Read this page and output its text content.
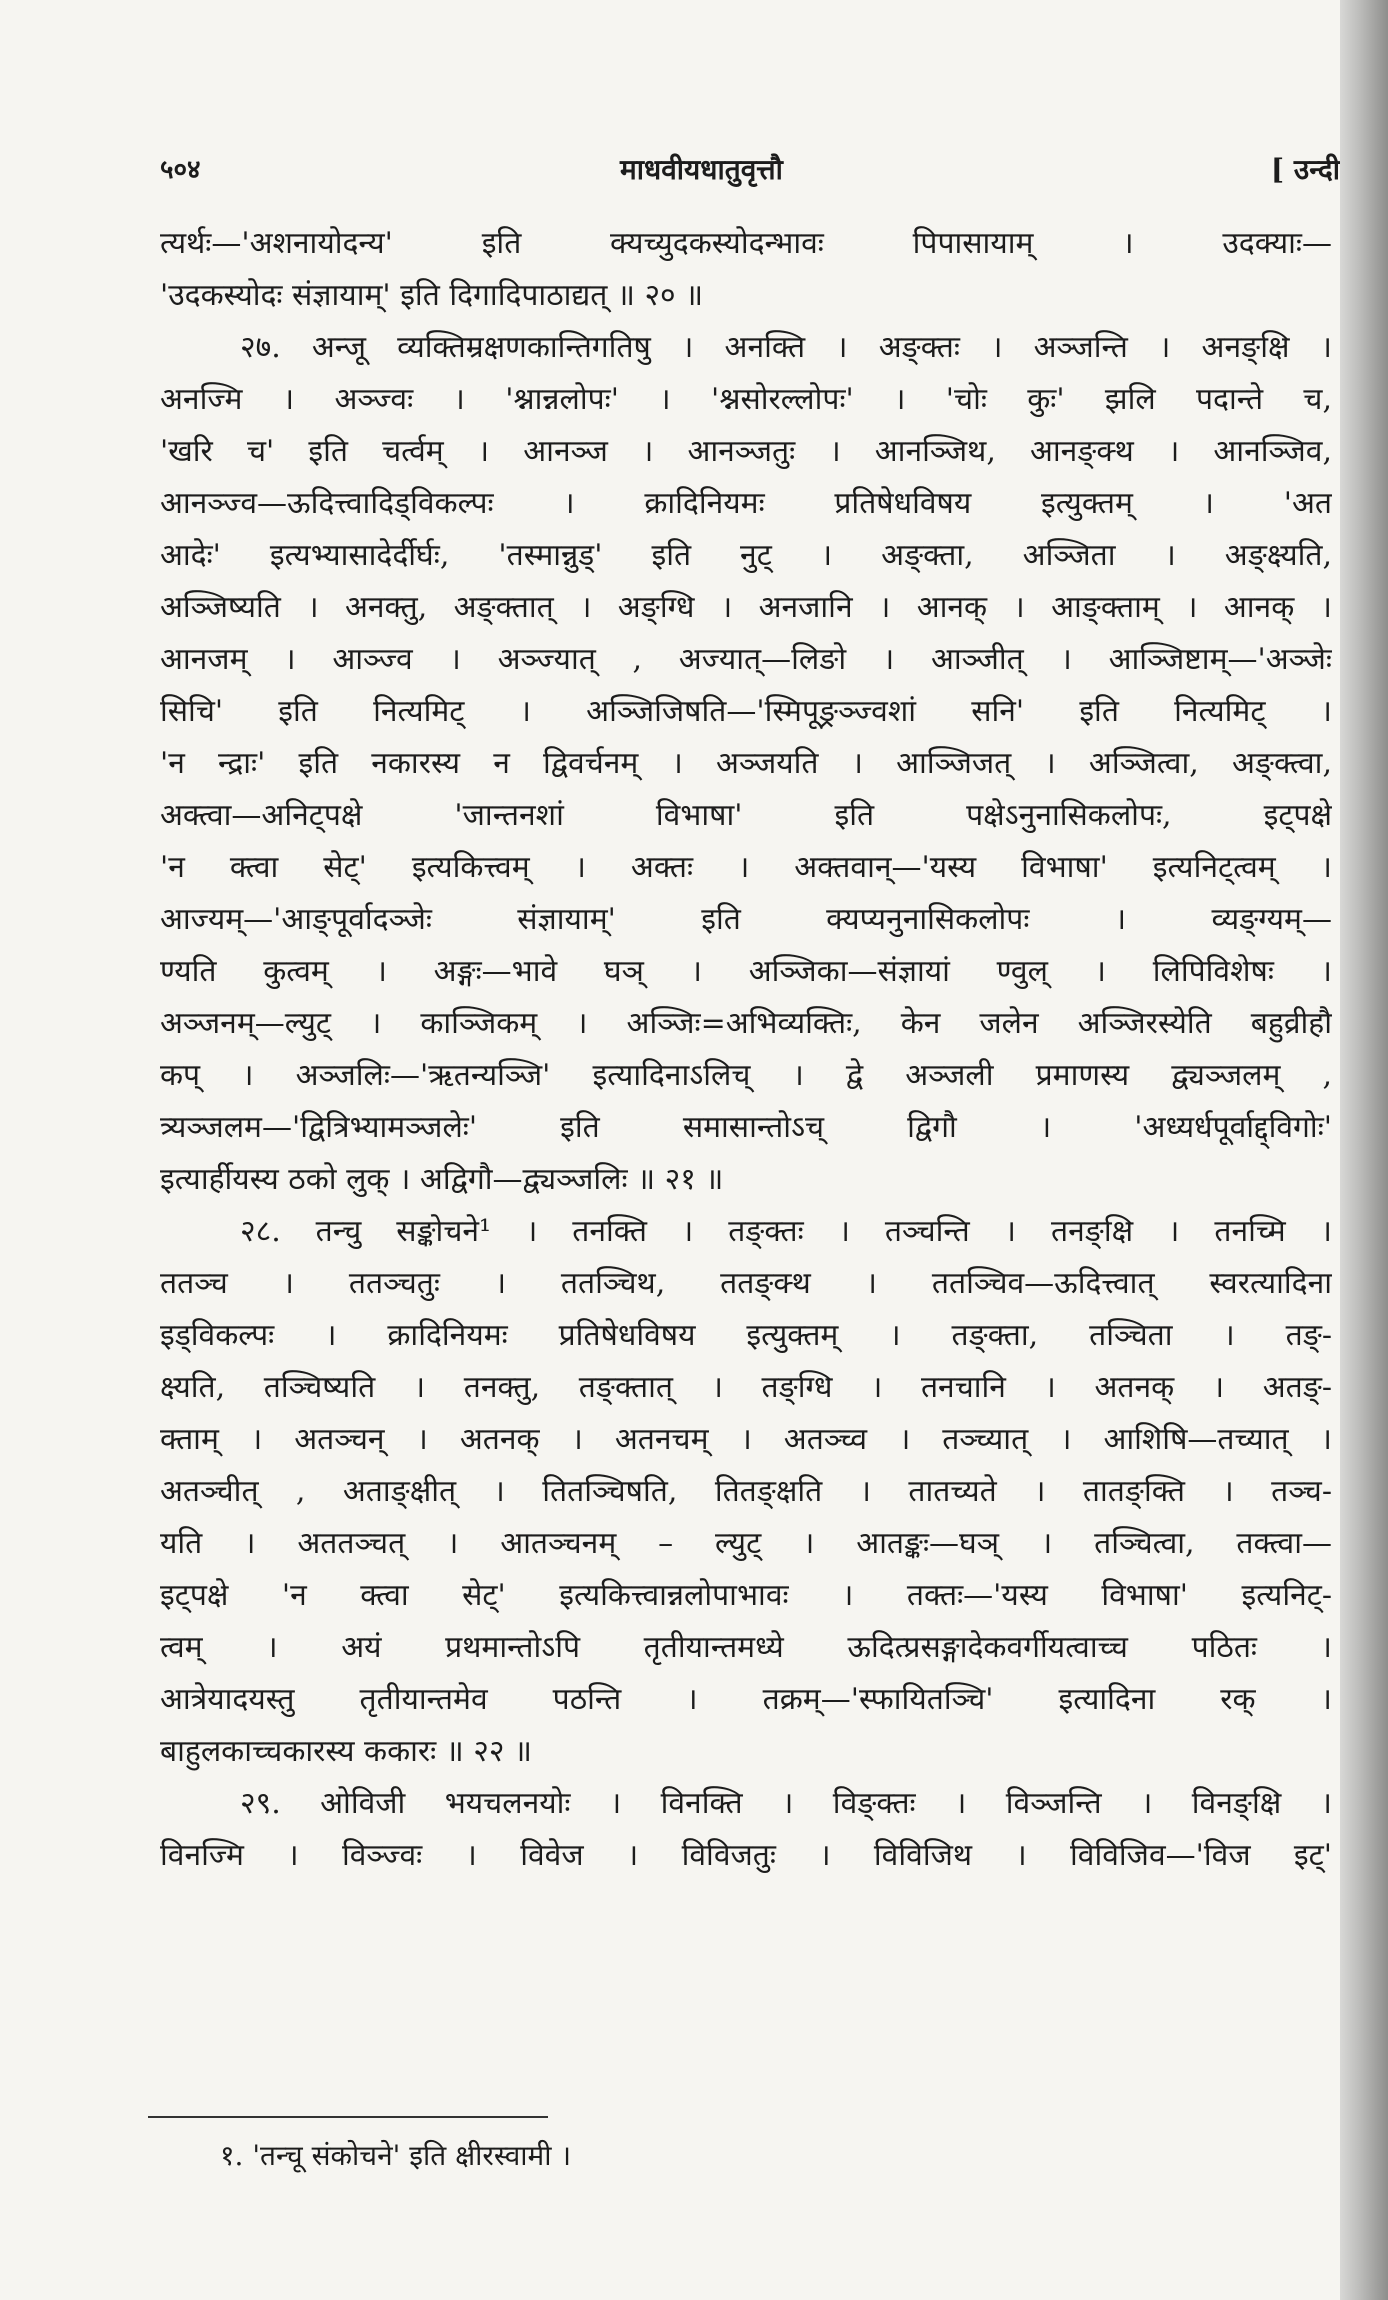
५०४	माधवीयधातुवृत्तौ	[ उन्दी
त्यर्थः—'अशनायोदन्य' इति क्यच्युदकस्योदन्भावः पिपासायाम् । उदक्याः—
'उदकस्योदः संज्ञायाम्' इति दिगादिपाठाद्यत् ॥ २० ॥
२७. अन्जू व्यक्तिम्रक्षणकान्तिगतिषु । अनक्ति । अङ्क्तः । अञ्जन्ति । अनङ्क्षि ।
अनज्मि । अञ्ज्वः । 'श्नान्नलोपः' । 'श्नसोरल्लोपः' । 'चोः कुः' झलि पदान्ते च,
'खरि च' इति चर्त्वम् । आनञ्ज । आनञ्जतुः । आनञ्जिथ, आनङ्क्थ । आनञ्जिव,
आनञ्ज्व—ऊदित्त्वादिड्विकल्पः । क्रादिनियमः प्रतिषेधविषय इत्युक्तम् । 'अत
आदेः' इत्यभ्यासादेर्दीर्घः, 'तस्मान्नुड्' इति नुट् । अङ्क्ता, अञ्जिता । अङ्क्ष्यति,
अञ्जिष्यति । अनक्तु, अङ्क्तात् । अङ्ग्धि । अनजानि । आनक् । आङ्क्ताम् । आनक् ।
आनजम् । आञ्ज्व । अञ्ज्यात् , अज्यात्—लिङो । आञ्जीत् । आञ्जिष्टाम्—'अञ्जेः
सिचि' इति नित्यमिट् । अञ्जिजिषति—'स्मिपूङ्रञ्ज्वशां सनि' इति नित्यमिट् ।
'न न्द्राः' इति नकारस्य न द्विवर्चनम् । अञ्जयति । आञ्जिजत् । अञ्जित्वा, अङ्क्त्वा,
अक्त्वा—अनिट्पक्षे 'जान्तनशां विभाषा' इति पक्षेऽनुनासिकलोपः, इट्पक्षे
'न क्त्वा सेट्' इत्यकित्त्वम् । अक्तः । अक्तवान्—'यस्य विभाषा' इत्यनिट्त्वम् ।
आज्यम्—'आङ्पूर्वादञ्जेः संज्ञायाम्' इति क्यप्यनुनासिकलोपः । व्यङ्ग्यम्—
ण्यति कुत्वम् । अङ्गः—भावे घञ् । अञ्जिका—संज्ञायां ण्वुल् । लिपिविशेषः ।
अञ्जनम्—ल्युट् । काञ्जिकम् । अञ्जिः=अभिव्यक्तिः, केन जलेन अञ्जिरस्येति बहुव्रीहौ
कप् । अञ्जलिः—'ऋतन्यञ्जि' इत्यादिनाऽलिच् । द्वे अञ्जली प्रमाणस्य द्व्यञ्जलम् ,
त्र्यञ्जलम—'द्वित्रिभ्यामञ्जलेः' इति समासान्तोऽच् द्विगौ । 'अध्यर्धपूर्वाद्द्विगोः'
इत्यार्हीयस्य ठको लुक् । अद्विगौ—द्व्यञ्जलिः ॥ २१ ॥
२८. तन्चु सङ्कोचने¹ । तनक्ति । तङ्क्तः । तञ्चन्ति । तनङ्क्षि । तनच्मि ।
ततञ्च । ततञ्चतुः । ततञ्चिथ, ततङ्क्थ । ततञ्चिव—ऊदित्त्वात् स्वरत्यादिना
इड्विकल्पः । क्रादिनियमः प्रतिषेधविषय इत्युक्तम् । तङ्क्ता, तञ्चिता । तङ्-
क्ष्यति, तञ्चिष्यति । तनक्तु, तङ्क्तात् । तङ्ग्धि । तनचानि । अतनक् । अतङ्-
क्ताम् । अतञ्चन् । अतनक् । अतनचम् । अतञ्च्व । तञ्च्यात् । आशिषि—तच्यात् ।
अतञ्चीत् , अताङ्क्षीत् । तितञ्चिषति, तितङ्क्षति । तातच्यते । तातङ्क्ति । तञ्च-
यति । अततञ्चत् । आतञ्चनम् – ल्युट् । आतङ्कः—घञ् । तञ्चित्वा, तक्त्वा—
इट्पक्षे 'न क्त्वा सेट्' इत्यकित्त्वान्नलोपाभावः । तक्तः—'यस्य विभाषा' इत्यनिट्-
त्वम् । अयं प्रथमान्तोऽपि तृतीयान्तमध्ये ऊदित्प्रसङ्गादेकवर्गीयत्वाच्च पठितः ।
आत्रेयादयस्तु तृतीयान्तमेव पठन्ति । तक्रम्—'स्फायितञ्चि' इत्यादिना रक् ।
बाहुलकाच्चकारस्य ककारः ॥ २२ ॥
२९. ओविजी भयचलनयोः । विनक्ति । विङ्क्तः । विञ्जन्ति । विनङ्क्षि ।
विनज्मि । विञ्ज्वः । विवेज । विविजतुः । विविजिथ । विविजिव—'विज इट्'
१. 'तन्चू संकोचने' इति क्षीरस्वामी ।
